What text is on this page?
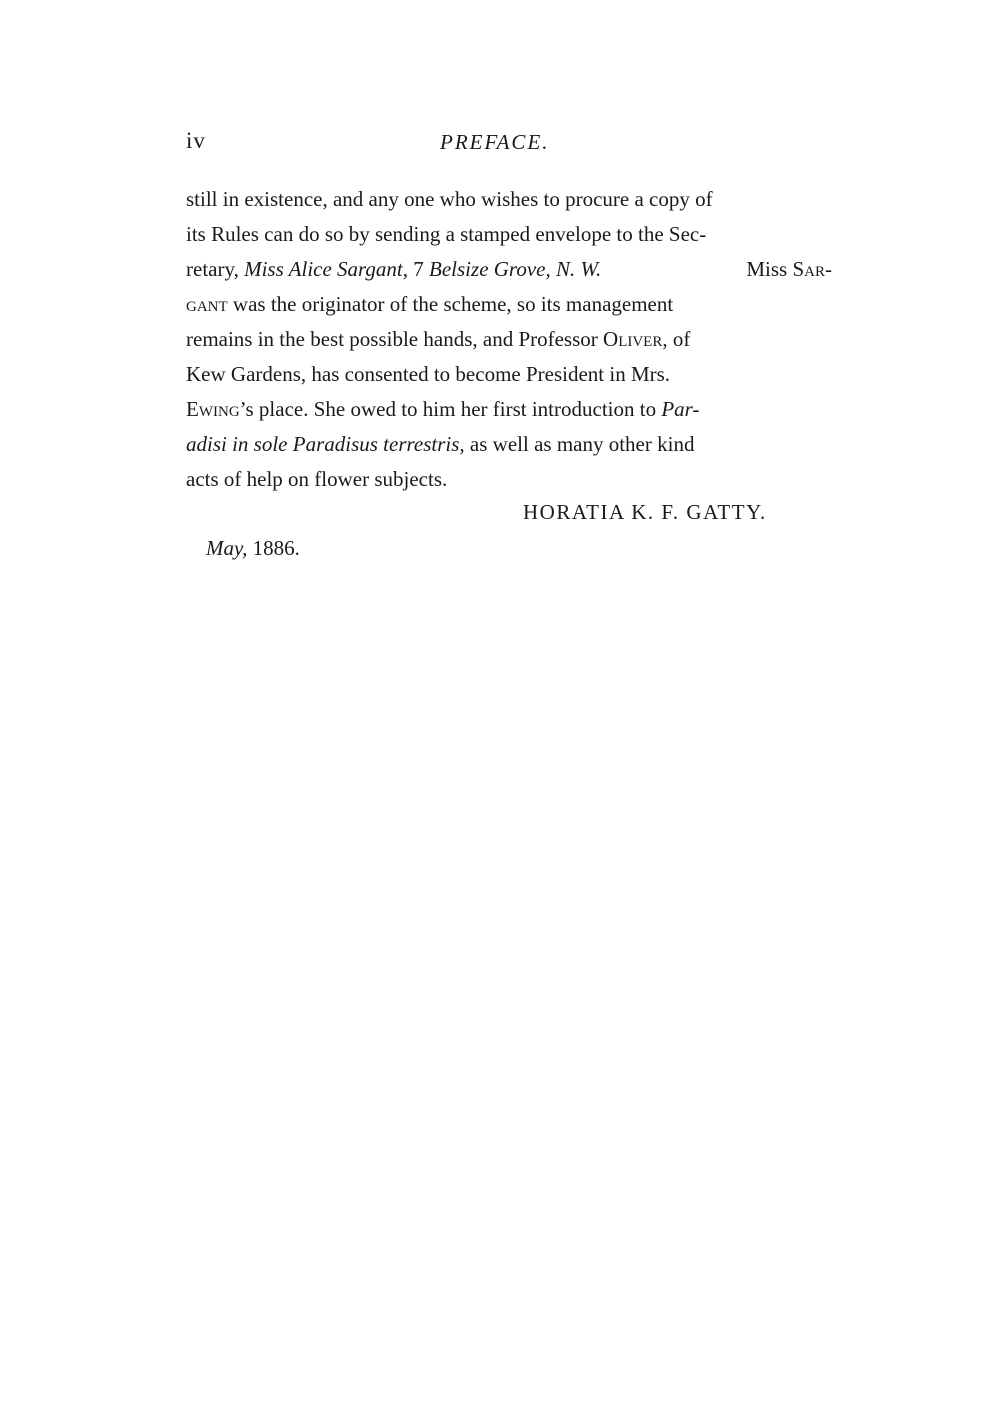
iv	PREFACE.
still in existence, and any one who wishes to procure a copy of
its Rules can do so by sending a stamped envelope to the Sec-
retary, Miss Alice Sargant, 7 Belsize Grove, N. W.	Miss Sar-
gant was the originator of the scheme, so its management
remains in the best possible hands, and Professor Oliver, of
Kew Gardens, has consented to become President in Mrs.
Ewing’s place. She owed to him her first introduction to Par-
adisi in sole Paradisus terrestris, as well as many other kind
acts of help on flower subjects.
HORATIA K. F. GATTY.
May, 1886.
